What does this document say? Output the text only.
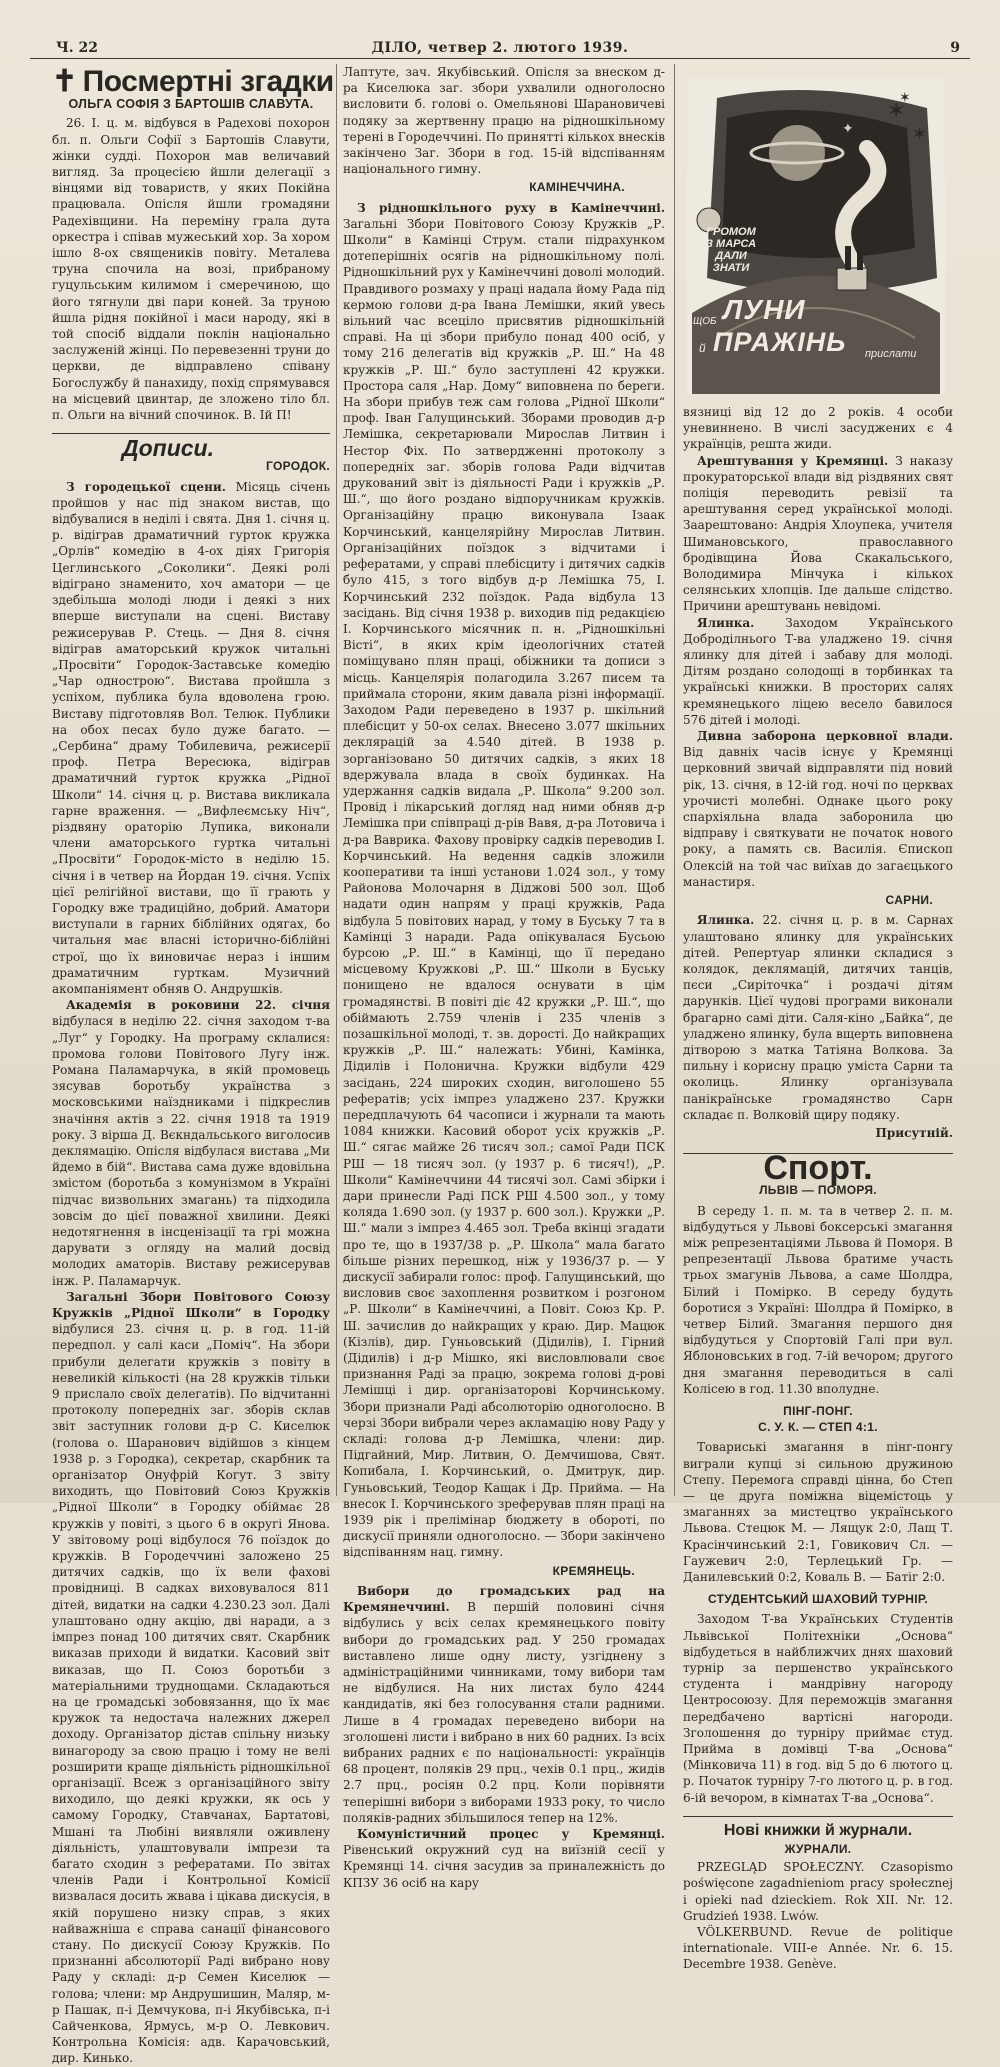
Ч. 22	ДІЛО, четвер 2. лютого 1939.	9
✝ Посмертні згадки
ОЛЬГА СОФІЯ З БАРТОШІВ СЛАВУТА.

26. І. ц. м. відбувся в Радехові похорон бл. п. Ольги Софії з Бартошів Славути, жінки судді. Похорон мав величавий вигляд. За процесією йшли делегації з вінцями від товариств, у яких Покійна працювала. Опісля йшли громадяни Радехівщини. На переміну грала дута оркестра і співав мужеський хор. За хором ішло 8-ох священиків повіту. Металева труна спочила на возі, прибраному гуцульським килимом і смеречиною, що його тягнули дві пари коней. За труною йшла рідня покійної і маси народу, які в той спосіб віддали поклін національно заслуженій жінці. По перевезенні труни до церкви, де відправлено співану Богослужбу й панахиду, похід спрямувався на місцевий цвинтар, де зложено тіло бл. п. Ольги на вічний спочинок. В. Ій П!

Дописи.
ГОРОДОК.

З городецької сцени. Місяць січень пройшов у нас під знаком вистав, що відбувалися в неділі і свята. Дня 1. січня ц. р. відіграв драматичний гурток кружка „Орлів“ комедію в 4-ох діях Григорія Цеглинського „Соколики“. Деякі ролі відіграно знаменито, хоч аматори — це здебільша молоді люди і деякі з них вперше виступали на сцені. Виставу режисерував Р. Стець. — Дня 8. січня відіграв аматорський кружок читальні „Просвіти“ Городок-Заставське комедію „Чар однострою“. Вистава пройшла з успіхом, публика була вдоволена грою. Виставу підготовляв Вол. Телюк. Публики на обох песах було дуже багато. — „Сербина“ драму Тобилевича, режисерії проф. Петра Вересюка, відіграв драматичний гурток кружка „Рідної Школи“ 14. січня ц. р. Вистава викликала гарне враження. — „Вифлеємську Ніч“, різдвяну ораторію Лупика, виконали члени аматорського гуртка читальні „Просвіти“ Городок-місто в неділю 15. січня і в четвер на Йордан 19. січня. Успіх цієї релігійної вистави, що її грають у Городку вже традиційно, добрий. Аматори виступали в гарних біблійних одягах, бо читальня має власні історично-біблійні строї, що їх виновичає нераз і іншим драматичним гурткам. Музичний акомпаніямент обняв О. Андрушків.

Академія в роковини 22. січня відбулася в неділю 22. січня заходом т-ва „Луг“ у Городку. На програму склалися: промова голови Повітового Лугу інж. Романа Паламарчука, в якій промовець зясував боротьбу українства з московськими наїздниками і підкреслив значіння актів з 22. січня 1918 та 1919 року. 3 вірша Д. Вєкндальського виголосив деклямацію. Опісля відбулася вистава „Ми йдемо в бій“. Вистава сама дуже вдовільна змістом (боротьба з комунізмом в Україні підчас визвольних змагань) та підходила зовсім до цієї поважної хвилини. Деякі недотягнення в інсценізації та грі можна дарувати з огляду на малий досвід молодих аматорів. Виставу режисерував інж. Р. Паламарчук.

Загальні Збори Повітового Союзу Кружків „Рідної Школи“ в Городку відбулися 23. січня ц. р. в год. 11-ій передпол. у салі каси „Поміч“. На збори прибули делегати кружків з повіту в невеликій кількості (на 28 кружків тільки 9 прислало своїх делегатів). По відчитанні протоколу попередніх заг. зборів склав звіт заступник голови д-р С. Киселюк (голова о. Шаранович відійшов з кінцем 1938 р. з Городка), секретар, скарбник та організатор Онуфрій Когут. З звіту виходить, що Повітовий Союз Кружків „Рідної Школи“ в Городку обіймає 28 кружків у повіті, з цього 6 в округі Янова. У звітовому році відбулося 76 поїздок до кружків. В Городеччині заложено 25 дитячих садків, що їх вели фахові провідниці. В садках виховувалося 811 дітей, видатки на садки 4.230.23 зол. Далі улаштовано одну акцію, дві наради, а з імпрез понад 100 дитячих свят. Скарбник виказав приходи й видатки. Касовий звіт виказав, що П. Союз боротьби з матеріальними труднощами. Складаються на це громадські зобовязання, що їх має кружок та недостача належних джерел доходу. Організатор дістав спільну низьку винагороду за свою працю і тому не велі розширити краще діяльність рідношкільної організації. Всеж з організаційного звіту виходило, що деякі кружки, як ось у самому Городку, Ставчанах, Бартатові, Мшані та Любіні виявляли оживлену діяльність, улаштовували імпрези та багато сходин з рефератами. По звітах членів Ради і Контрольної Комісії визвалася досить жвава і цікава дискусія, в якій порушено низку справ, з яких найважніша є справа санації фінансового стану. По дискусії Союзу Кружків. По признанні абсолюторії Раді вибрано нову Раду у складі: д-р Семен Киселюк — голова; члени: мр Андрушишин, Маляр, м-р Пашак, п-і Демчукова, п-і Якубівська, п-і Сайченкова, Ярмусь, м-р О. Левкович. Контрольна Комісія: адв. Карачовський, дир. Кинько.

Лаптуте, зач. Якубівський. Опісля за внеском д-ра Киселюка заг. збори ухвалили одноголосно висловити б. голові о. Омельянові Шарановичеві подяку за жертвенну працю на рідношкільному терені в Городеччині. По принятті кількох внесків закінчено Заг. Збори в год. 15-ій відспіванням національного гимну.

КАМІНЕЧЧИНА.

З рідношкільного руху в Камінеччині. Загальні Збори Повітового Союзу Кружків „Р. Школи“ в Камінці Струм. стали підрахунком дотеперішніх осягів на рідношкільному полі. Рідношкільний рух у Камінеччині доволі молодий. Правдивого розмаху у праці надала йому Рада під кермою голови д-ра Івана Лемішки, який увесь вільний час всеціло присвятив рідношкільній справі. На ці збори прибуло понад 400 осіб, у тому 216 делегатів від кружків „Р. Ш.“ На 48 кружків „Р. Ш.“ було заступлені 42 кружки. Простора саля „Нар. Дому“ виповнена по береги. На збори прибув теж сам голова „Рідної Школи“ проф. Іван Галущинський. Зборами проводив д-р Лемішка, секретарювали Мирослав Литвин і Нестор Фіх. По затвердженні протоколу з попередніх заг. зборів голова Ради відчитав друкований звіт із діяльності Ради і кружків „Р. Ш.“, що його роздано відпоручникам кружків. Організаційну працю виконувала Ізаак Корчинський, канцелярійну Мирослав Литвин. Організаційних поїздок з відчитами і рефератами, у справі плебісциту і дитячих садків було 415, з того відбув д-р Лемішка 75, І. Корчинський 232 поїздок. Рада відбула 13 засідань. Від січня 1938 р. виходив під редакцією І. Корчинського місячник п. н. „Рідношкільні Вісті“, в яких крім ідеологічних статей поміщувано плян праці, обіжники та дописи з місць. Канцелярія полагодила 3.267 писем та приймала сторони, яким давала різні інформації. Заходом Ради переведено в 1937 р. шкільний плебісцит у 50-ох селах. Внесено 3.077 шкільних деклярацій за 4.540 дітей. В 1938 р. зорганізовано 50 дитячих садків, з яких 18 вдержувала влада в своїх будинках. На удержання садків видала „Р. Школа“ 9.200 зол. Провід і лікарський догляд над ними обняв д-р Лемішка при співпраці д-рів Вавя, д-ра Лотовича і д-ра Ваврика. Фахову провірку садків переводив І. Корчинський. На ведення садків зложили кооперативи та інші установи 1.024 зол., у тому Районова Молочарня в Діджові 500 зол. Щоб надати один напрям у праці кружків, Рада відбула 5 повітових нарад, у тому в Буську 7 та в Камінці 3 наради. Рада опікувалася Бусьою бурсою „Р. Ш.“ в Камінці, що її передано місцевому Кружкові „Р. Ш.“ Школи в Буську понищено не вдалося оснувати в цім громадянстві. В повіті діє 42 кружки „Р. Ш.“, що обіймають 2.759 членів і 235 членів з позашкільної молоді, т. зв. дорості. До найкращих кружків „Р. Ш.“ належать: Убині, Камінка, Дідилів і Полонична. Кружки відбули 429 засідань, 224 широких сходин, виголошено 55 рефератів; усіх імпрез уладжено 237. Кружки передплачують 64 часописи і журнали та мають 1084 книжки. Касовий оборот усіх кружків „Р. Ш.“ сягає майже 26 тисяч зол.; самої Ради ПСК РШ — 18 тисяч зол. (у 1937 р. 6 тисяч!), „Р. Школи“ Камінеччини 44 тисячі зол. Самі збірки і дари принесли Раді ПСК РШ 4.500 зол., у тому коляда 1.690 зол. (у 1937 р. 600 зол.). Кружки „Р. Ш.“ мали з імпрез 4.465 зол. Треба вкінці згадати про те, що в 1937/38 р. „Р. Школа“ мала багато більше різних перешкод, ніж у 1936/37 р. — У дискусії забирали голос: проф. Галущинський, що висловив своє захоплення розвитком і розгоном „Р. Школи“ в Камінеччині, а Повіт. Союз Кр. Р. Ш. зачислив до найкращих у краю. Дир. Мацюк (Кізлів), дир. Гуньовський (Дідилів), І. Гірний (Дідилів) і д-р Мішко, які висловлювали своє признання Раді за працю, зокрема голові д-рові Лемішці і дир. організаторові Корчинському. Збори признали Раді абсолюторію одноголосно. В черзі Збори вибрали через акламацію нову Раду у складі: голова д-р Лемішка, члени: дир. Підгайний, Мир. Литвин, О. Демчишова, Свят. Копибала, І. Корчинський, о. Дмитрук, дир. Гуньовський, Теодор Кащак і Др. Прийма. — На внесок І. Корчинського зреферував плян праці на 1939 рік і прелімінар бюджету в обороті, по дискусії приняли одноголосно. — Збори закінчено відспіванням нац. гимну.

КРЕМЯНЕЦЬ.

Вибори до громадських рад на Кремянеччині. В першій половині січня відбулись у всіх селах кремянецького повіту вибори до громадських рад. У 250 громадах виставлено лише одну листу, узгіднену з адміністраційними чинниками, тому вибори там не відбулися. На них листах було 4244 кандидатів, які без голосування стали радними. Лише в 4 громадах переведено вибори на зголошені листи і вибрано в них 60 радних. Із всіх вибраних радних є по національності: українців 68 процент, поляків 29 прц., чехів 0.1 прц., жидів 2.7 прц., росіян 0.2 прц. Коли порівняти теперішні вибори з виборами 1933 року, то число поляків-радних збільшилося тепер на 12%.

Комуністичний процес у Кремянці. Рівенський окружний суд на виїзній сесії у Кремянці 14. січня засудив за приналежність до КПЗУ 36 осіб на кару

✶
✶
✶
✦
✦
ГРОМОМ
З МАРСА
ДАЛИ
ЗНАТИ
ЩОБ ЛУНИ
й ПРАЖІНЬ прислати

вязниці від 12 до 2 років. 4 особи уневиннено. В числі засуджених є 4 українців, решта жиди.

Арештування у Кремянці. З наказу прокураторської влади від різдвяних свят поліція переводить ревізії та арештування серед української молоді. Заарештовано: Андрія Хлоупека, учителя Шимановського, православного бродівщина Йова Скакальського, Володимира Мінчука і кількох селянських хлопців. Іде дальше слідство. Причини арештувань невідомі.

Ялинка.	Заходом Українського Доброділнього Т-ва уладжено 19. січня ялинку для дітей і забаву для молоді. Дітям роздано солодощі в торбинках та українські книжки. В просторих салях кремянецького ліцею весело бавилося 576 дітей і молоді.

Дивна заборона церковної влади. Від давніх часів існує у Кремянці церковний звичай відправляти під новий рік, 13. січня, в 12-ій год. ночі по церквах урочисті молебні. Однаке цього року спархіяльна влада заборонила цю відправу і святкувати не початок нового року, а память св. Василія. Єпископ Олексій на той час виїхав до загаєцького манастиря.

САРНИ.

Ялинка. 22. січня ц. р. в м. Сарнах улаштовано ялинку для українських дітей. Репертуар ялинки складися з колядок, деклямацій, дитячих танців, пєси „Сиріточка“ і роздачі дітям дарунків. Цієї чудові програми виконали брагарно самі діти. Саля-кіно „Байка“, де уладжено ялинку, була вщерть виповнена дітворою з матка Татіяна Волкова. За пильну і корисну працю уміста Сарни та околиць. Ялинку організувала панікраїнське громадянство Сарн складає п. Волковій щиру подяку.

Присутній.
Спорт.
ЛЬВІВ — ПОМОРЯ.

В середу 1. п. м. та в четвер 2. п. м. відбудуться у Львові боксерські змагання між репрезентаціями Львова й Поморя. В репрезентації Львова братиме участь трьох змагунів Львова, а саме Шолдра, Білий і Помірко. В середу будуть боротися з Україні: Шолдра й Помірко, в четвер Білий. Змагання першого дня відбудуться у Спортовій Галі при вул. Яблоновських в год. 7-ій вечором; другого дня змагання переводиться в салі Колісею в год. 11.30 вполудне.

ПІНГ-ПОНГ.
С. У. К. — СТЕП 4:1.

Товариські змагання в пінг-понгу виграли купці зі сильною дружиною Степу. Перемога справді цінна, бо Степ — це друга поміжна віцемістоць у змаганнях за мистецтво українського Львова. Стецюк М. — Лящук 2:0, Лащ Т. Красінчинський 2:1, Говикович Сл. — Гаужевич 2:0, Терлецький Гр. — Данилевський 0:2, Коваль В. — Батіг 2:0.

СТУДЕНТСЬКИЙ ШАХОВИЙ ТУРНІР.

Заходом Т-ва Українських Студентів Львівської Політехніки „Основа“ відбудеться в найближчих днях шаховий турнір за першенство українського студента і мандрівну нагороду Центросоюзу. Для переможців змагання передбачено вартісні нагороди. Зголошення до турніру приймає студ. Прийма в домівці Т-ва „Основа“ (Мінковича 11) в год. від 5 до 6 лютого ц. р. Початок турніру 7-го лютого ц. р. в год. 6-ій вечором, в кімнатах Т-ва „Основа“.

Нові книжки й журнали.
ЖУРНАЛИ.

PRZEGLĄD SPOŁECZNY. Czasopismo poświęcone zagadnieniom pracy społecznej i opieki nad dzieckiem. Rok XII. Nr. 12. Grudzień 1938. Lwów.

VÖLKERBUND. Revue de politique internationale. VIII-e Année. Nr. 6. 15. Decembre 1938. Genève.
